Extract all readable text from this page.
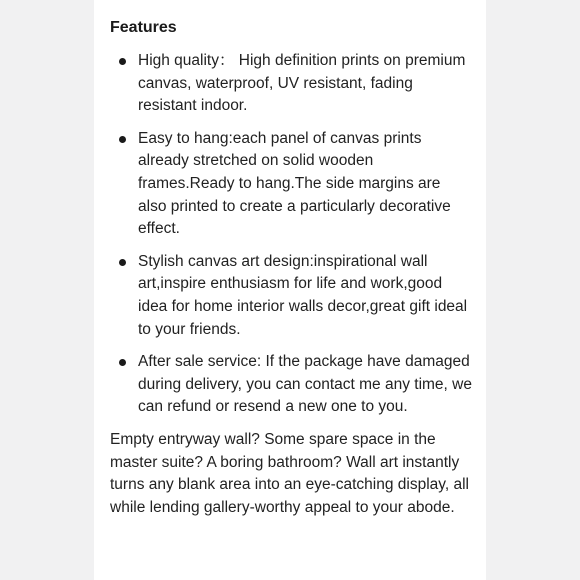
Features
High quality： High definition prints on premium canvas, waterproof, UV resistant, fading resistant indoor.
Easy to hang:each panel of canvas prints already stretched on solid wooden frames.Ready to hang.The side margins are also printed to create a particularly decorative effect.
Stylish canvas art design:inspirational wall art,inspire enthusiasm for life and work,good idea for home interior walls decor,great gift ideal to your friends.
After sale service: If the package have damaged during delivery, you can contact me any time, we can refund or resend a new one to you.

Empty entryway wall? Some spare space in the master suite? A boring bathroom? Wall art instantly turns any blank area into an eye-catching display, all while lending gallery-worthy appeal to your abode.
